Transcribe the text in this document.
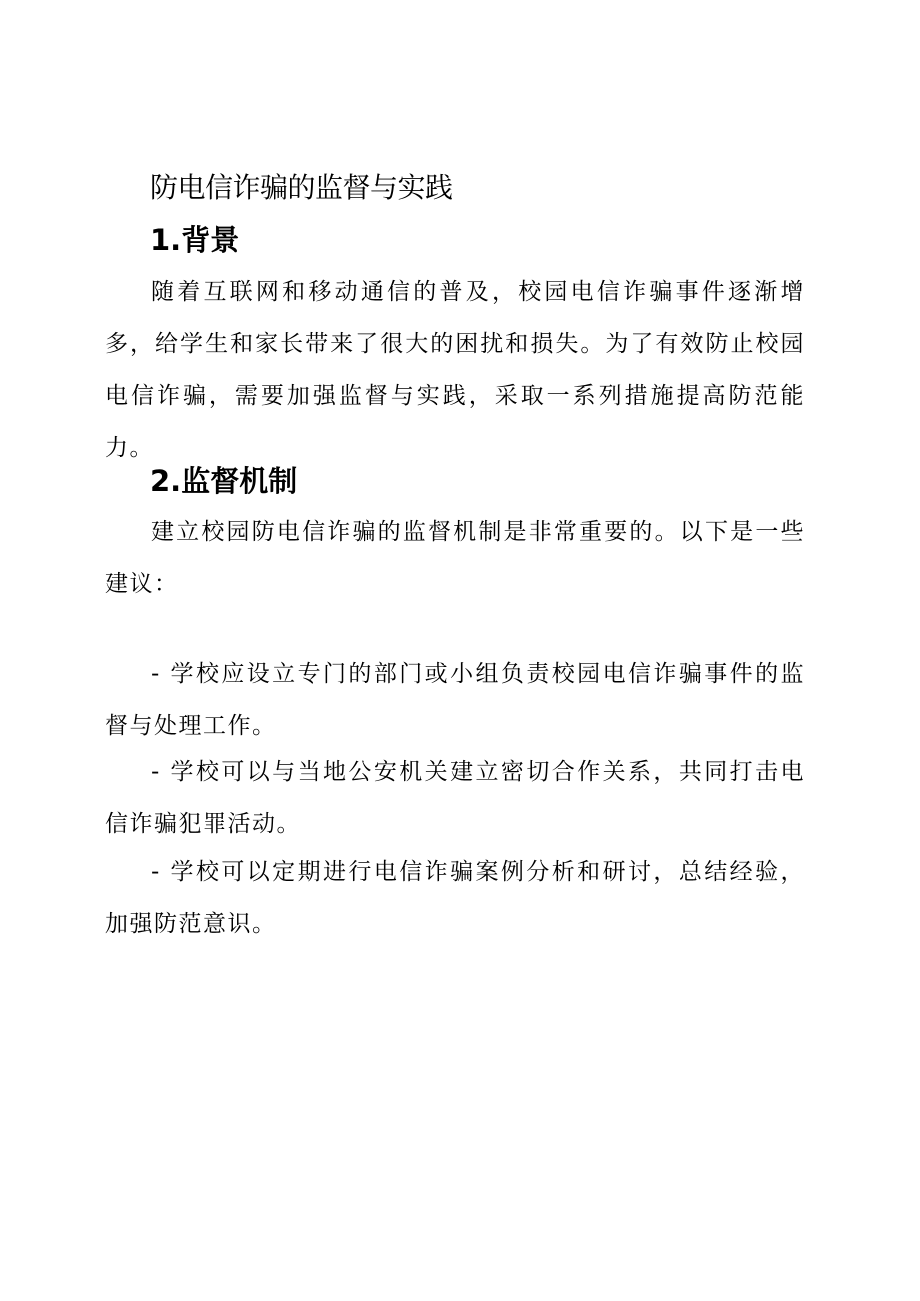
防电信诈骗的监督与实践
1.背景

随着互联网和移动通信的普及，校园电信诈骗事件逐渐增多，给学生和家长带来了很大的困扰和损失。为了有效防止校园电信诈骗，需要加强监督与实践，采取一系列措施提高防范能力。

2.监督机制

建立校园防电信诈骗的监督机制是非常重要的。以下是一些建议：

- 学校应设立专门的部门或小组负责校园电信诈骗事件的监督与处理工作。

- 学校可以与当地公安机关建立密切合作关系，共同打击电信诈骗犯罪活动。

- 学校可以定期进行电信诈骗案例分析和研讨，总结经验，加强防范意识。
